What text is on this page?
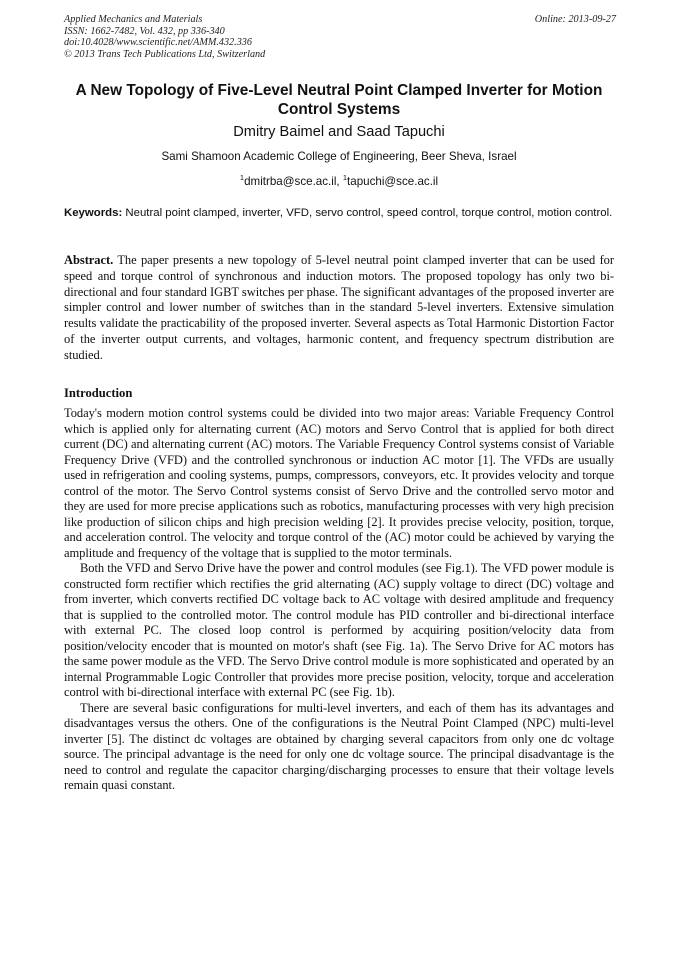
Applied Mechanics and Materials
ISSN: 1662-7482, Vol. 432, pp 336-340
doi:10.4028/www.scientific.net/AMM.432.336
© 2013 Trans Tech Publications Ltd, Switzerland
Online: 2013-09-27
A New Topology of Five-Level Neutral Point Clamped Inverter for Motion Control Systems
Dmitry Baimel and Saad Tapuchi
Sami Shamoon Academic College of Engineering, Beer Sheva, Israel
$^1$dmitrba@sce.ac.il, $^1$tapuchi@sce.ac.il
Keywords: Neutral point clamped, inverter, VFD, servo control, speed control, torque control, motion control.
Abstract. The paper presents a new topology of 5-level neutral point clamped inverter that can be used for speed and torque control of synchronous and induction motors. The proposed topology has only two bi-directional and four standard IGBT switches per phase. The significant advantages of the proposed inverter are simpler control and lower number of switches than in the standard 5-level inverters. Extensive simulation results validate the practicability of the proposed inverter. Several aspects as Total Harmonic Distortion Factor of the inverter output currents, and voltages, harmonic content, and frequency spectrum distribution are studied.
Introduction

Today's modern motion control systems could be divided into two major areas: Variable Frequency Control which is applied only for alternating current (AC) motors and Servo Control that is applied for both direct current (DC) and alternating current (AC) motors. The Variable Frequency Control systems consist of Variable Frequency Drive (VFD) and the controlled synchronous or induction AC motor [1]. The VFDs are usually used in refrigeration and cooling systems, pumps, compressors, conveyors, etc. It provides velocity and torque control of the motor. The Servo Control systems consist of Servo Drive and the controlled servo motor and they are used for more precise applications such as robotics, manufacturing processes with very high precision like production of silicon chips and high precision welding [2]. It provides precise velocity, position, torque, and acceleration control. The velocity and torque control of the (AC) motor could be achieved by varying the amplitude and frequency of the voltage that is supplied to the motor terminals.

Both the VFD and Servo Drive have the power and control modules (see Fig.1). The VFD power module is constructed form rectifier which rectifies the grid alternating (AC) supply voltage to direct (DC) voltage and from inverter, which converts rectified DC voltage back to AC voltage with desired amplitude and frequency that is supplied to the controlled motor. The control module has PID controller and bi-directional interface with external PC. The closed loop control is performed by acquiring position/velocity data from position/velocity encoder that is mounted on motor's shaft (see Fig. 1a). The Servo Drive for AC motors has the same power module as the VFD. The Servo Drive control module is more sophisticated and operated by an internal Programmable Logic Controller that provides more precise position, velocity, torque and acceleration control with bi-directional interface with external PC (see Fig. 1b).

There are several basic configurations for multi-level inverters, and each of them has its advantages and disadvantages versus the others. One of the configurations is the Neutral Point Clamped (NPC) multi-level inverter [5]. The distinct dc voltages are obtained by charging several capacitors from only one dc voltage source. The principal advantage is the need for only one dc voltage source. The principal disadvantage is the need to control and regulate the capacitor charging/discharging processes to ensure that their voltage levels remain quasi constant.
